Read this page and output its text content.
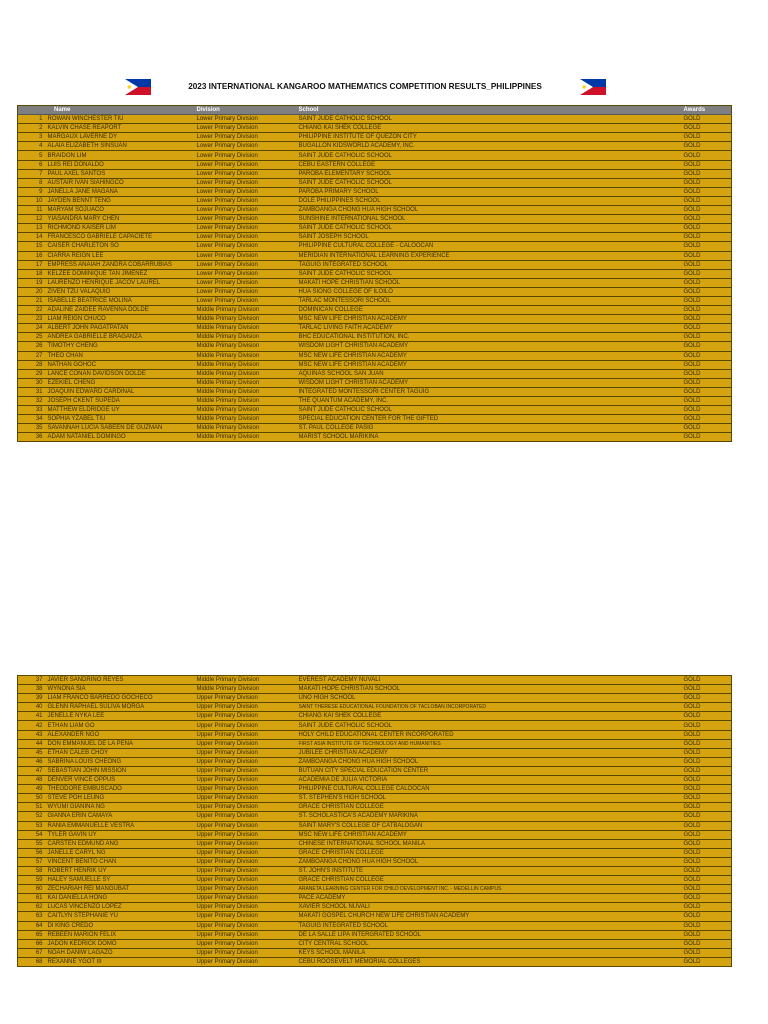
2023 INTERNATIONAL KANGAROO MATHEMATICS COMPETITION RESULTS_PHILIPPINES
Name		Division	School	Awards
1	ROWAN WINCHESTER TIU	Lower Primary Division	SAINT JUDE CATHOLIC SCHOOL	GOLD
2	KALVIN CHASE REAPORT	Lower Primary Division	CHIANG KAI SHEK COLLEGE	GOLD
3	MARGAUX LAVERNE DY	Lower Primary Division	PHILIPPINE INSTITUTE OF QUEZON CITY	GOLD
4	ALAIA ELIZABETH SINSUAN	Lower Primary Division	BUGALLON KIDSWORLD ACADEMY, INC.	GOLD
5	BRAIDON LIM	Lower Primary Division	SAINT JUDE CATHOLIC SCHOOL	GOLD
6	LUIS REI DONALDO	Lower Primary Division	CEBU EASTERN COLLEGE	GOLD
7	PAUL AXEL SANTOS	Lower Primary Division	PAROBA ELEMENTARY SCHOOL	GOLD
8	AUSTAIR IVAN SIAHINGCO	Lower Primary Division	SAINT JUDE CATHOLIC SCHOOL	GOLD
9	JANELLA JANE MAGANA	Lower Primary Division	PAROBA PRIMARY SCHOOL	GOLD
10	JAYDEN BENNT TENG	Lower Primary Division	DOLE PHILIPPINES SCHOOL	GOLD
11	MARYAM SOJUACO	Lower Primary Division	ZAMBOANGA CHONG HUA HIGH SCHOOL	GOLD
12	YIASANDRA MARY CHEN	Lower Primary Division	SUNSHINE INTERNATIONAL SCHOOL	GOLD
13	RICHMOND KAISER LIM	Lower Primary Division	SAINT JUDE CATHOLIC SCHOOL	GOLD
14	FRANCESCO GABRIELE CAPACIETE	Lower Primary Division	SAINT JOSEPH SCHOOL	GOLD
15	CAISER CHARLETON SO	Lower Primary Division	PHILIPPINE CULTURAL COLLEGE - CALOOCAN	GOLD
16	CIARRA REIGN LEE	Lower Primary Division	MERIDIAN INTERNATIONAL LEARNING EXPERIENCE	GOLD
17	EMPRESS ANAIAH ZANDRA COBARRUBIAS	Lower Primary Division	TAGUIG INTEGRATED SCHOOL	GOLD
18	KELZEE DOMINIQUE TAN JIMENEZ	Lower Primary Division	SAINT JUDE CATHOLIC SCHOOL	GOLD
19	LAURENZO HENRIQUE JACOV LAUREL	Lower Primary Division	MAKATI HOPE CHRISTIAN SCHOOL	GOLD
20	ZIVEN TZU VALAQUIO	Lower Primary Division	HUA SIONG COLLEGE OF ILOILO	GOLD
21	ISABELLE BEATRICE MOLINA	Lower Primary Division	TARLAC MONTESSORI SCHOOL	GOLD
22	ADALINE ZAIDEE RAVENNA DOLDE	Middle Primary Division	DOMINICAN COLLEGE	GOLD
23	LIAM REIGN CHUCO	Middle Primary Division	MSC NEW LIFE CHRISTIAN ACADEMY	GOLD
24	ALBERT JOHN PAGATPATAN	Middle Primary Division	TARLAC LIVING FAITH ACADEMY	GOLD
25	ANDREA GABRIELLE BRAGANZA	Middle Primary Division	BHC EDUCATIONAL INSTITUTION, INC.	GOLD
26	TIMOTHY CHENG	Middle Primary Division	WISDOM LIGHT CHRISTIAN ACADEMY	GOLD
27	THEO CHAN	Middle Primary Division	MSC NEW LIFE CHRISTIAN ACADEMY	GOLD
28	NATHAN GOHOC	Middle Primary Division	MSC NEW LIFE CHRISTIAN ACADEMY	GOLD
29	LANCE CONAN DAVIDSON DOLDE	Middle Primary Division	AQUINAS SCHOOL SAN JUAN	GOLD
30	EZEKIEL CHENG	Middle Primary Division	WISDOM LIGHT CHRISTIAN ACADEMY	GOLD
31	JOAQUIN EDWARD CARDINAL	Middle Primary Division	INTEGRATED MONTESSORI CENTER TAGUIG	GOLD
32	JOSEPH CKENT SUPEDA	Middle Primary Division	THE QUANTUM ACADEMY, INC.	GOLD
33	MATTHEW ELDRIDGE UY	Middle Primary Division	SAINT JUDE CATHOLIC SCHOOL	GOLD
34	SOPHIA YZABEL TIU	Middle Primary Division	SPECIAL EDUCATION CENTER FOR THE GIFTED	GOLD
35	SAVANNAH LUCIA SABEEN DE GUZMAN	Middle Primary Division	ST. PAUL COLLEGE PASIG	GOLD
36	ADAM NATANIEL DOMINGO	Middle Primary Division	MARIST SCHOOL MARIKINA	GOLD
37	JAVIER SANDRINO REYES	Middle Primary Division	EVEREST ACADEMY NUVALI	GOLD
38	WYNONA SIA	Middle Primary Division	MAKATI HOPE CHRISTIAN SCHOOL	GOLD
39	LIAM FRANCO BARREDO GOCHECO	Upper Primary Division	UNO HIGH SCHOOL	GOLD
40	GLENN RAPHAEL SULIVA MORGA	Upper Primary Division	SAINT THERESE EDUCATIONAL FOUNDATION OF TACLOBAN INCORPORATED	GOLD
41	JENELLE NYKA LEE	Upper Primary Division	CHIANG KAI SHEK COLLEGE	GOLD
42	ETHAN LIAM GO	Upper Primary Division	SAINT JUDE CATHOLIC SCHOOL	GOLD
43	ALEXANDER NGO	Upper Primary Division	HOLY CHILD EDUCATIONAL CENTER INCORPORATED	GOLD
44	DON EMMANUEL DE LA PENA	Upper Primary Division	FIRST ASIA INSTITUTE OF TECHNOLOGY AND HUMANITIES	GOLD
45	ETHAN CALEB CHOY	Upper Primary Division	JUBILEE CHRISTIAN ACADEMY	GOLD
46	SABRINA LOUIS CHEONG	Upper Primary Division	ZAMBOANGA CHONG HUA HIGH SCHOOL	GOLD
47	SEBASTIAN JOHN MISSION	Upper Primary Division	BUTUAN CITY SPECIAL EDUCATION CENTER	GOLD
48	DENVER VINCE OPPUS	Upper Primary Division	ACADEMIA DE JULIA VICTORIA	GOLD
49	THEODORE EMBUSCADO	Upper Primary Division	PHILIPPINE CULTURAL COLLEGE CALOOCAN	GOLD
50	STEVE POH LEUNG	Upper Primary Division	ST. STEPHEN'S HIGH SCHOOL	GOLD
51	WYUMI GIANINA NG	Upper Primary Division	GRACE CHRISTIAN COLLEGE	GOLD
52	GIANNA ERIN CAMAYA	Upper Primary Division	ST. SCHOLASTICA'S ACADEMY MARIKINA	GOLD
53	RANIA EMMANUELLE VESTRA	Upper Primary Division	SAINT MARY'S COLLEGE OF CATBALOGAN	GOLD
54	TYLER GAVIN UY	Upper Primary Division	MSC NEW LIFE CHRISTIAN ACADEMY	GOLD
55	CARSTEN EDMUND ANG	Upper Primary Division	CHINESE INTERNATIONAL SCHOOL MANILA	GOLD
56	JANELLE CARYL NG	Upper Primary Division	GRACE CHRISTIAN COLLEGE	GOLD
57	VINCENT BENITO CHAN	Upper Primary Division	ZAMBOANGA CHONG HUA HIGH SCHOOL	GOLD
58	ROBERT HENRIK UY	Upper Primary Division	ST. JOHN'S INSTITUTE	GOLD
59	HALEY SAMUELLE SY	Upper Primary Division	GRACE CHRISTIAN COLLEGE	GOLD
60	ZECHARIAH REI MANGUBAT	Upper Primary Division	ARANETA LEARNING CENTER FOR CHILD DEVELOPMENT INC. - MEDELLIN CAMPUS	GOLD
61	KAI DANIELLA HONG	Upper Primary Division	PACE ACADEMY	GOLD
62	LUCAS VINCENZO LOPEZ	Upper Primary Division	XAVIER SCHOOL NUVALI	GOLD
63	CAITLYN STEPHANIE YU	Upper Primary Division	MAKATI GOSPEL CHURCH NEW LIFE CHRISTIAN ACADEMY	GOLD
64	DI KING CREDO	Upper Primary Division	TAGUIG INTEGRATED SCHOOL	GOLD
65	REBEEN MARION FELIX	Upper Primary Division	DE LA SALLE LIPA INTERGRATED SCHOOL	GOLD
66	JADON KEDRICK DOMO	Upper Primary Division	CITY CENTRAL SCHOOL	GOLD
67	NOAH DANIW LAGAZO	Upper Primary Division	KEYS SCHOOL MANILA	GOLD
68	REXANNE YGOT III	Upper Primary Division	CEBU ROOSEVELT MEMORIAL COLLEGES	GOLD
